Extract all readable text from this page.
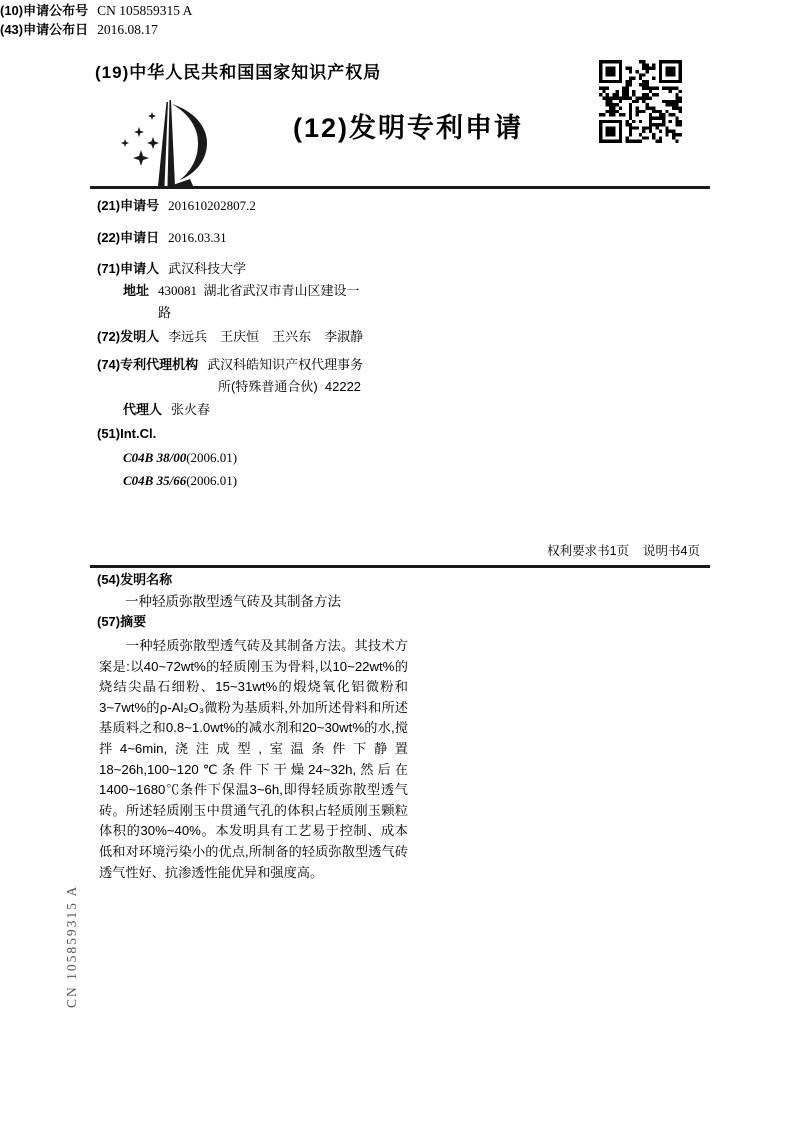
(19)中华人民共和国国家知识产权局
(12)发明专利申请
(10)申请公布号 CN 105859315 A
(43)申请公布日 2016.08.17
(21)申请号 201610202807.2
(22)申请日 2016.03.31
(71)申请人 武汉科技大学
地址 430081  湖北省武汉市青山区建设一
路
(72)发明人 李远兵　王庆恒　王兴东　李淑静
(74)专利代理机构 武汉科皓知识产权代理事务
所(特殊普通合伙)  42222
代理人 张火春
(51)Int.Cl.
C04B 38/00(2006.01)
C04B 35/66(2006.01)
权利要求书1页 说明书4页
(54)发明名称
一种轻质弥散型透气砖及其制备方法
(57)摘要
　　一种轻质弥散型透气砖及其制备方法。其技术方案是:以40~72wt%的轻质刚玉为骨料,以10~22wt%的烧结尖晶石细粉、15~31wt%的煅烧氧化铝微粉和3~7wt%的ρ-Al₂O₃微粉为基质料,外加所述骨料和所述基质料之和0.8~1.0wt%的减水剂和20~30wt%的水,搅拌4~6min,浇注成型,室温条件下静置18~26h,100~120℃条件下干燥24~32h,然后在1400~1680℃条件下保温3~6h,即得轻质弥散型透气砖。所述轻质刚玉中贯通气孔的体积占轻质刚玉颗粒体积的30%~40%。本发明具有工艺易于控制、成本低和对环境污染小的优点,所制备的轻质弥散型透气砖透气性好、抗渗透性能优异和强度高。
CN 105859315 A
